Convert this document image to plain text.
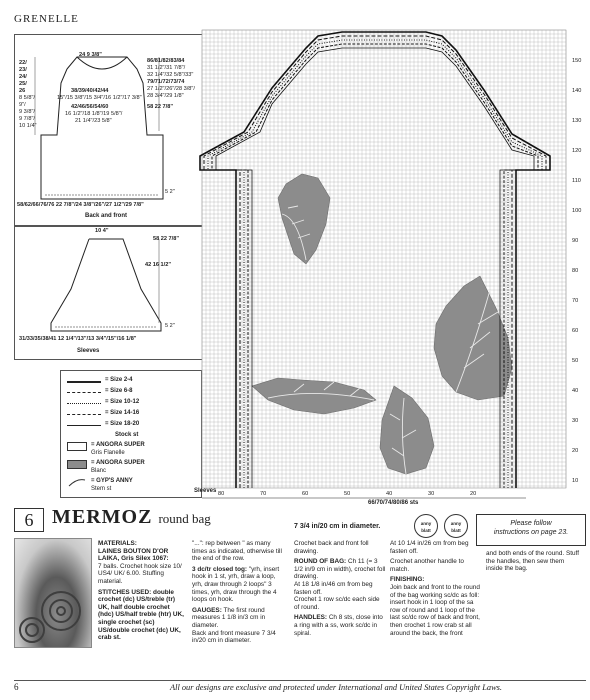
GRENELLE
24 9 3/8"
22/
23/
24/
25/
26
8 5/8"/
9"/
9 3/8"/
9 7/8"/
10 1/4"
86/81/82/83/84
31 1/2"/31 7/8"/
32 1/4"/32 5/8"/33"
79/71/72/73/74
27 1/2"/26"/28 3/8"/
28 3/4"/29 1/8"
38/39/40/42/44
15"/15 3/8"/15 3/4"/16 1/2"/17 3/8"
42/46/56/54/60
16 1/2"/18 1/8"/19 5/8"/
21 1/4"/23 5/8"
58 22 7/8"
5 2"
58/62/66/76/76 22 7/8"/24 3/8"/26"/27 1/2"/29 7/8"
Back and front
10 4"
58 22 7/8"
42 16 1/2"
5 2"
31/33/35/38/41 12 1/4"/13"/13 3/4"/15"/16 1/8"
Sleeves
= Size 2-4
= Size 6-8
= Size 10-12
= Size 14-16
= Size 18-20
Stock st
= ANGORA SUPER
Gris Flanelle
= ANGORA SUPER
Blanc
= GYP'S ANNY
Stem st
150
140
130
120
110
100
90
80
70
60
50
40
30
20
10
80	70	60	50	40	30	20
Sleeves
66/70/74/80/86 sts
6 MERMOZ round bag
7 3/4 in/20 cm in diameter.	anny
blatt
anny
blatt
Please follow
instructions on page 23.

MATERIALS:
LAINES BOUTON D'OR LAIKA, Gris Silex 1067:
7 balls. Crochet hook size 10/ US4/ UK/ 6.00. Stuffing material.

STITCHES USED: double crochet (dc) US/treble (tr) UK, half double crochet (hdc) US/half treble (htr) UK, single crochet (sc) US/double crochet (dc) UK, crab st.

"...": rep between " as many times as indicated, otherwise till the end of the row.

3 dc/tr closed tog: "yrh, insert hook in 1 st, yrh, draw a loop, yrh, draw through 2 loops" 3 times, yrh, draw through the 4 loops on hook.

GAUGES: The first round measures 1 1/8 in/3 cm in diameter.
Back and front measure 7 3/4 in/20 cm in diameter.

Crochet back and front foll drawing.

ROUND OF BAG: Ch 11 (= 3 1/2 in/9 cm in width), crochet foll drawing.
At 18 1/8 in/46 cm from beg fasten off.
Crochet 1 row sc/dc each side of round.

HANDLES: Ch 8 sts, close into a ring with a ss, work sc/dc in spiral.

At 10 1/4 in/26 cm from beg fasten off.

Crochet another handle to match.

FINISHING:
Join back and front to the round of the bag working sc/dc as foll: insert hook in 1 loop of the sa row of round and 1 loop of the last sc/dc row of back and front, then crochet 1 row crab st all around the back, the front

and both ends of the round. Stuff the handles, then sew them inside the bag.

6	All our designs are exclusive and protected under International and United States Copyright Laws.
